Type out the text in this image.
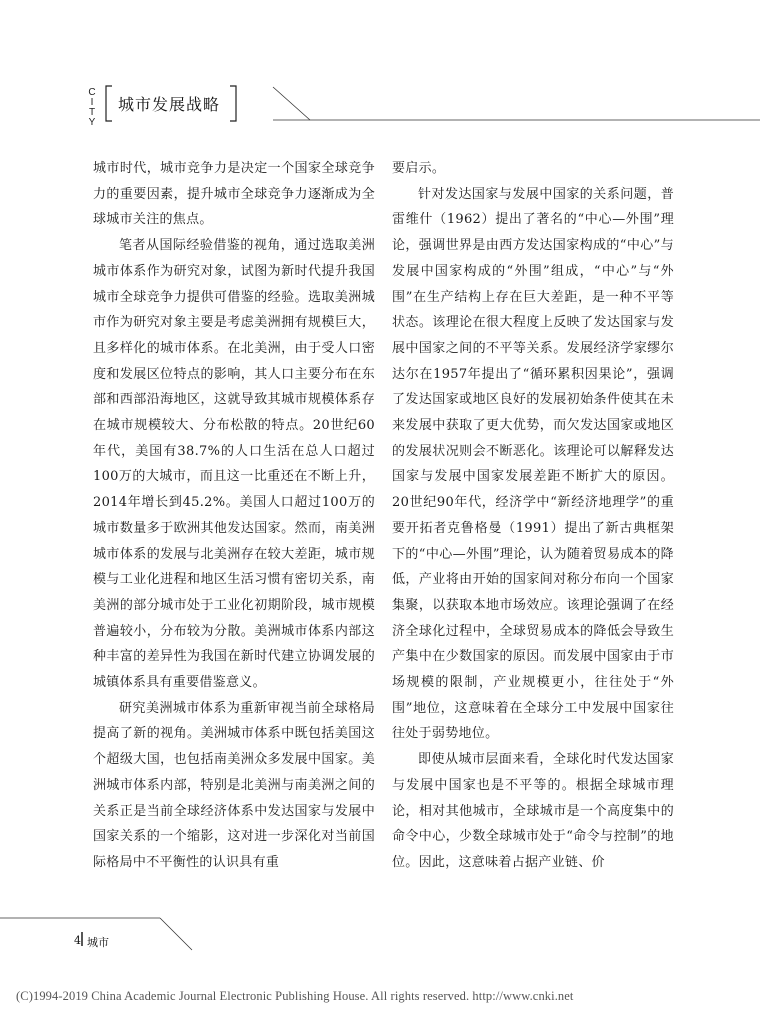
C
I
T
Y
城市发展战略

城市时代，城市竞争力是决定一个国家全球竞争力的重要因素，提升城市全球竞争力逐渐成为全球城市关注的焦点。

笔者从国际经验借鉴的视角，通过选取美洲城市体系作为研究对象，试图为新时代提升我国城市全球竞争力提供可借鉴的经验。选取美洲城市作为研究对象主要是考虑美洲拥有规模巨大，且多样化的城市体系。在北美洲，由于受人口密度和发展区位特点的影响，其人口主要分布在东部和西部沿海地区，这就导致其城市规模体系存在城市规模较大、分布松散的特点。20世纪60年代，美国有38.7%的人口生活在总人口超过100万的大城市，而且这一比重还在不断上升，2014年增长到45.2%。美国人口超过100万的城市数量多于欧洲其他发达国家。然而，南美洲城市体系的发展与北美洲存在较大差距，城市规模与工业化进程和地区生活习惯有密切关系，南美洲的部分城市处于工业化初期阶段，城市规模普遍较小，分布较为分散。美洲城市体系内部这种丰富的差异性为我国在新时代建立协调发展的城镇体系具有重要借鉴意义。

研究美洲城市体系为重新审视当前全球格局提高了新的视角。美洲城市体系中既包括美国这个超级大国，也包括南美洲众多发展中国家。美洲城市体系内部，特别是北美洲与南美洲之间的关系正是当前全球经济体系中发达国家与发展中国家关系的一个缩影，这对进一步深化对当前国际格局中不平衡性的认识具有重

要启示。

针对发达国家与发展中国家的关系问题，普雷维什（1962）提出了著名的“中心—外围”理论，强调世界是由西方发达国家构成的“中心”与发展中国家构成的“外围”组成，“中心”与“外围”在生产结构上存在巨大差距，是一种不平等状态。该理论在很大程度上反映了发达国家与发展中国家之间的不平等关系。发展经济学家缪尔达尔在1957年提出了“循环累积因果论”，强调了发达国家或地区良好的发展初始条件使其在未来发展中获取了更大优势，而欠发达国家或地区的发展状况则会不断恶化。该理论可以解释发达国家与发展中国家发展差距不断扩大的原因。20世纪90年代，经济学中“新经济地理学”的重要开拓者克鲁格曼（1991）提出了新古典框架下的“中心—外围”理论，认为随着贸易成本的降低，产业将由开始的国家间对称分布向一个国家集聚，以获取本地市场效应。该理论强调了在经济全球化过程中，全球贸易成本的降低会导致生产集中在少数国家的原因。而发展中国家由于市场规模的限制，产业规模更小，往往处于“外围”地位，这意味着在全球分工中发展中国家往往处于弱势地位。

即使从城市层面来看，全球化时代发达国家与发展中国家也是不平等的。根据全球城市理论，相对其他城市，全球城市是一个高度集中的命令中心，少数全球城市处于“命令与控制”的地位。因此，这意味着占据产业链、价

4 城市
(C)1994-2019 China Academic Journal Electronic Publishing House. All rights reserved. http://www.cnki.net
